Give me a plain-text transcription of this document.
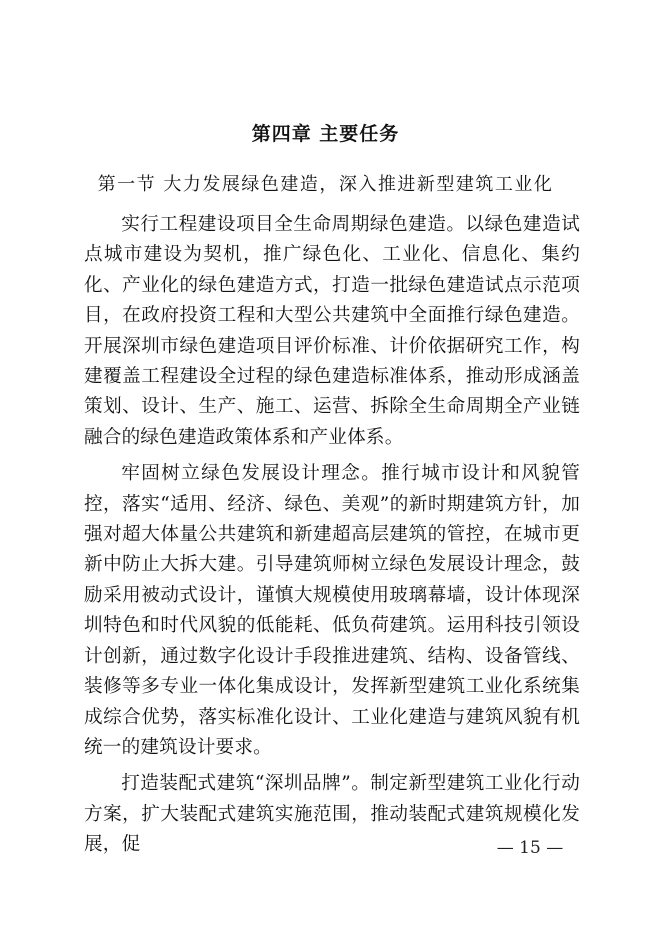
第四章 主要任务
第一节 大力发展绿色建造，深入推进新型建筑工业化

实行工程建设项目全生命周期绿色建造。以绿色建造试点城市建设为契机，推广绿色化、工业化、信息化、集约化、产业化的绿色建造方式，打造一批绿色建造试点示范项目，在政府投资工程和大型公共建筑中全面推行绿色建造。开展深圳市绿色建造项目评价标准、计价依据研究工作，构建覆盖工程建设全过程的绿色建造标准体系，推动形成涵盖策划、设计、生产、施工、运营、拆除全生命周期全产业链融合的绿色建造政策体系和产业体系。

牢固树立绿色发展设计理念。推行城市设计和风貌管控，落实“适用、经济、绿色、美观”的新时期建筑方针，加强对超大体量公共建筑和新建超高层建筑的管控，在城市更新中防止大拆大建。引导建筑师树立绿色发展设计理念，鼓励采用被动式设计，谨慎大规模使用玻璃幕墙，设计体现深圳特色和时代风貌的低能耗、低负荷建筑。运用科技引领设计创新，通过数字化设计手段推进建筑、结构、设备管线、装修等多专业一体化集成设计，发挥新型建筑工业化系统集成综合优势，落实标准化设计、工业化建造与建筑风貌有机统一的建筑设计要求。

打造装配式建筑“深圳品牌”。制定新型建筑工业化行动方案，扩大装配式建筑实施范围，推动装配式建筑规模化发展，促	— 15 —
